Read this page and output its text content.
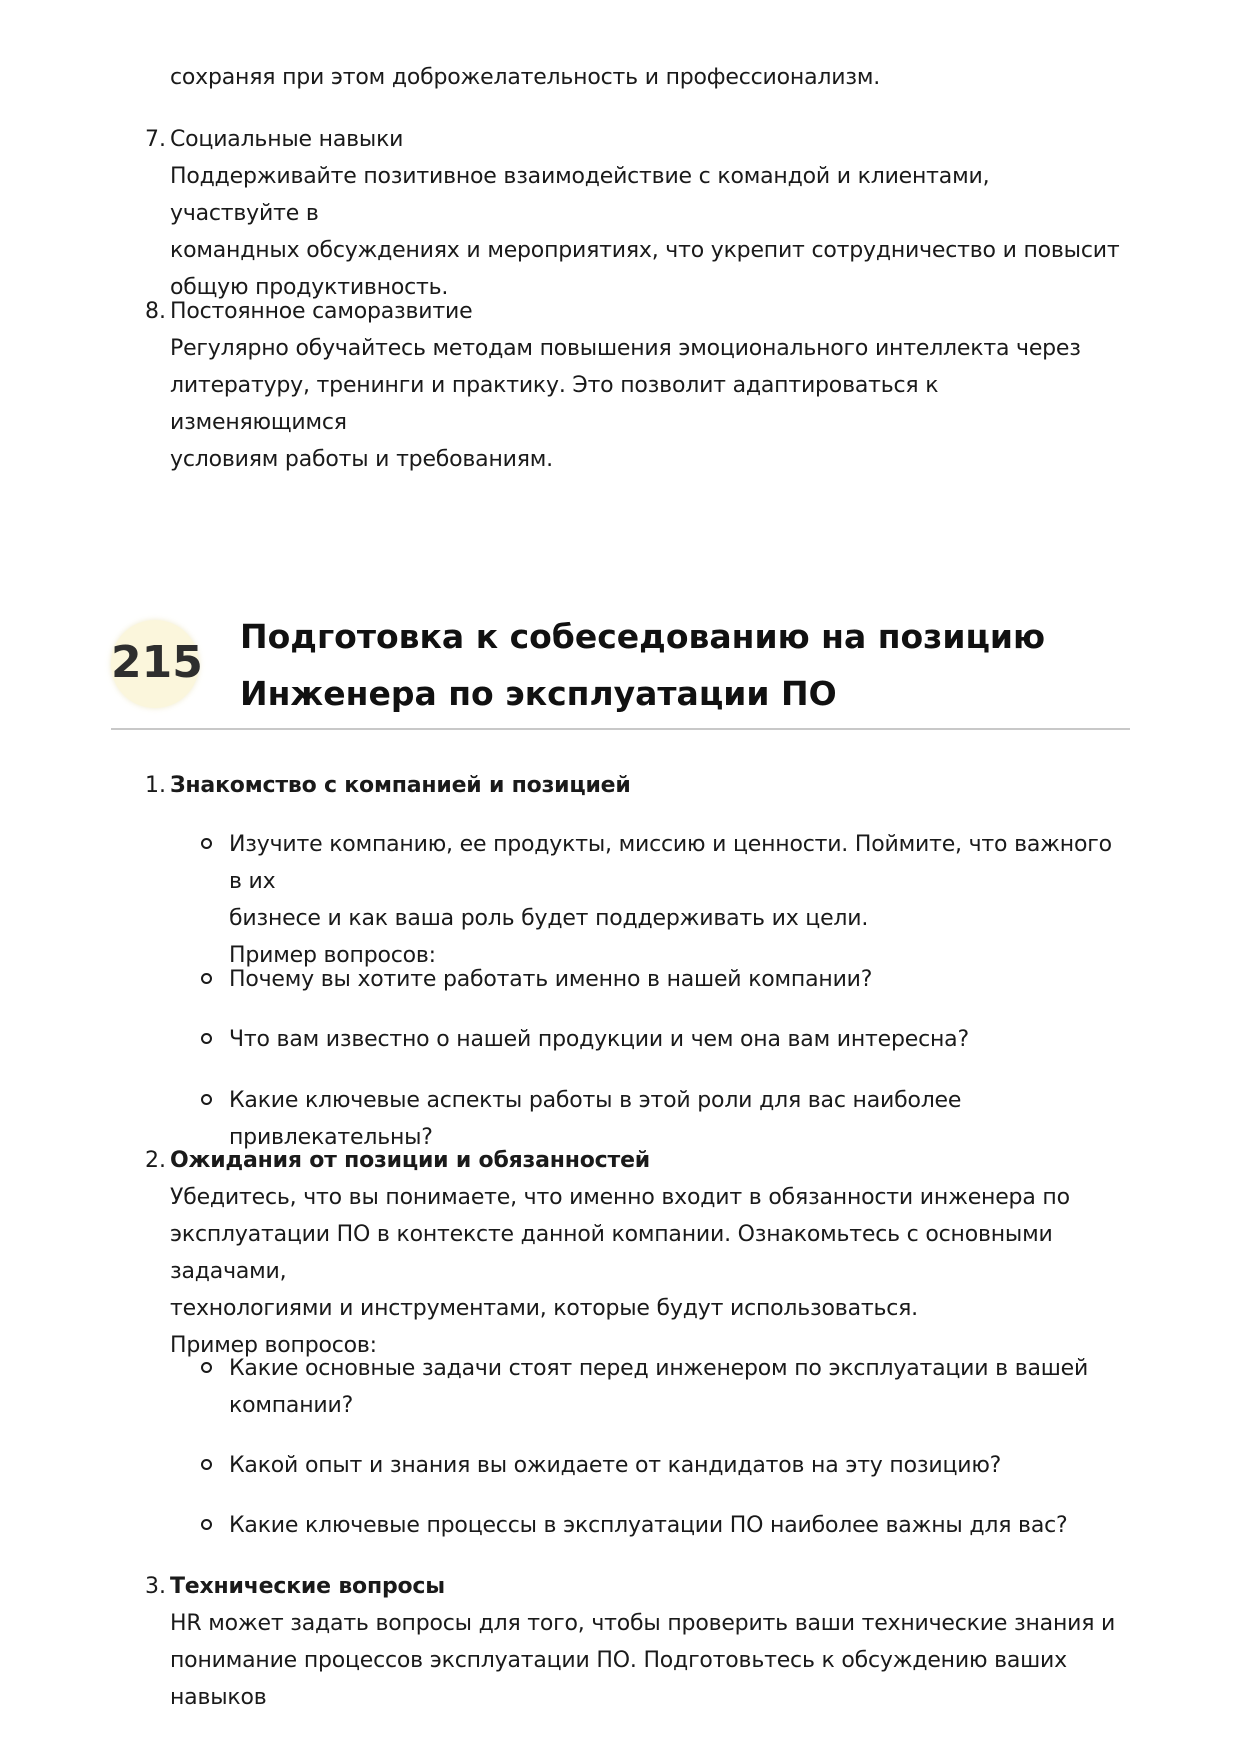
сохраняя при этом доброжелательность и профессионализм.
7. Социальные навыки
Поддерживайте позитивное взаимодействие с командой и клиентами, участвуйте в
командных обсуждениях и мероприятиях, что укрепит сотрудничество и повысит
общую продуктивность.
8. Постоянное саморазвитие
Регулярно обучайтесь методам повышения эмоционального интеллекта через
литературу, тренинги и практику. Это позволит адаптироваться к изменяющимся
условиям работы и требованиям.
215
Подготовка к собеседованию на позицию
Инженера по эксплуатации ПО
1. Знакомство с компанией и позицией
Изучите компанию, ее продукты, миссию и ценности. Поймите, что важного в их
бизнесе и как ваша роль будет поддерживать их цели.
Пример вопросов:
Почему вы хотите работать именно в нашей компании?
Что вам известно о нашей продукции и чем она вам интересна?
Какие ключевые аспекты работы в этой роли для вас наиболее привлекательны?
2. Ожидания от позиции и обязанностей
Убедитесь, что вы понимаете, что именно входит в обязанности инженера по
эксплуатации ПО в контексте данной компании. Ознакомьтесь с основными задачами,
технологиями и инструментами, которые будут использоваться.
Пример вопросов:
Какие основные задачи стоят перед инженером по эксплуатации в вашей
компании?
Какой опыт и знания вы ожидаете от кандидатов на эту позицию?
Какие ключевые процессы в эксплуатации ПО наиболее важны для вас?
3. Технические вопросы
HR может задать вопросы для того, чтобы проверить ваши технические знания и
понимание процессов эксплуатации ПО. Подготовьтесь к обсуждению ваших навыков
